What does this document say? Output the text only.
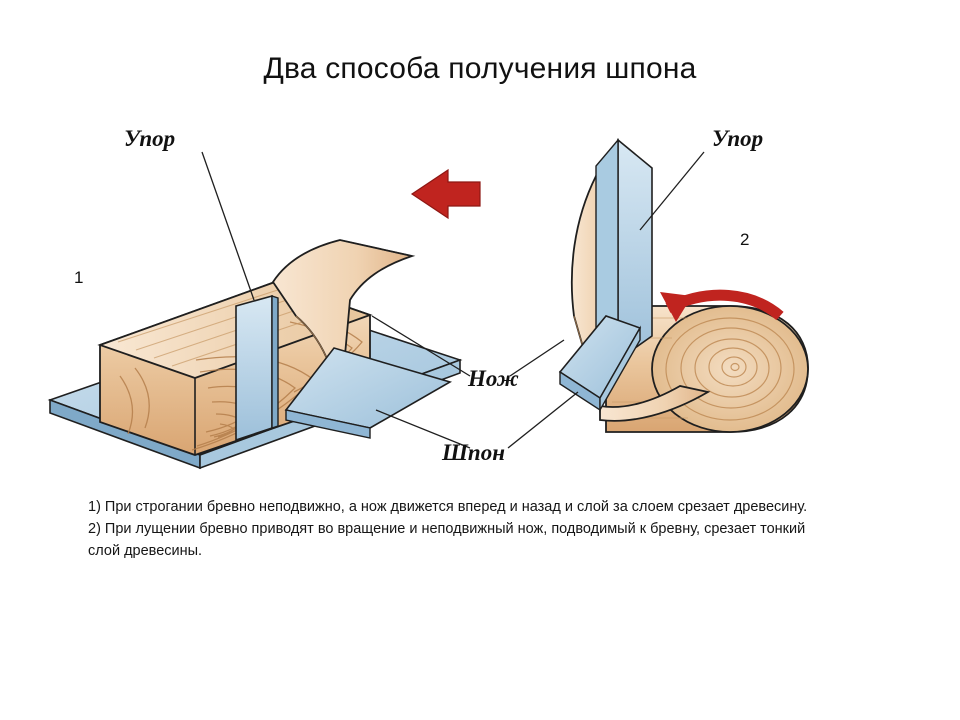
Два способа получения шпона
1
2
Упор	Упор
Нож
Шпон

1) При строгании бревно неподвижно, а нож движется вперед и назад и слой за слоем срезает древесину.

2) При лущении бревно приводят во вращение и неподвижный нож, подводимый к бревну, срезает тонкий слой древесины.
